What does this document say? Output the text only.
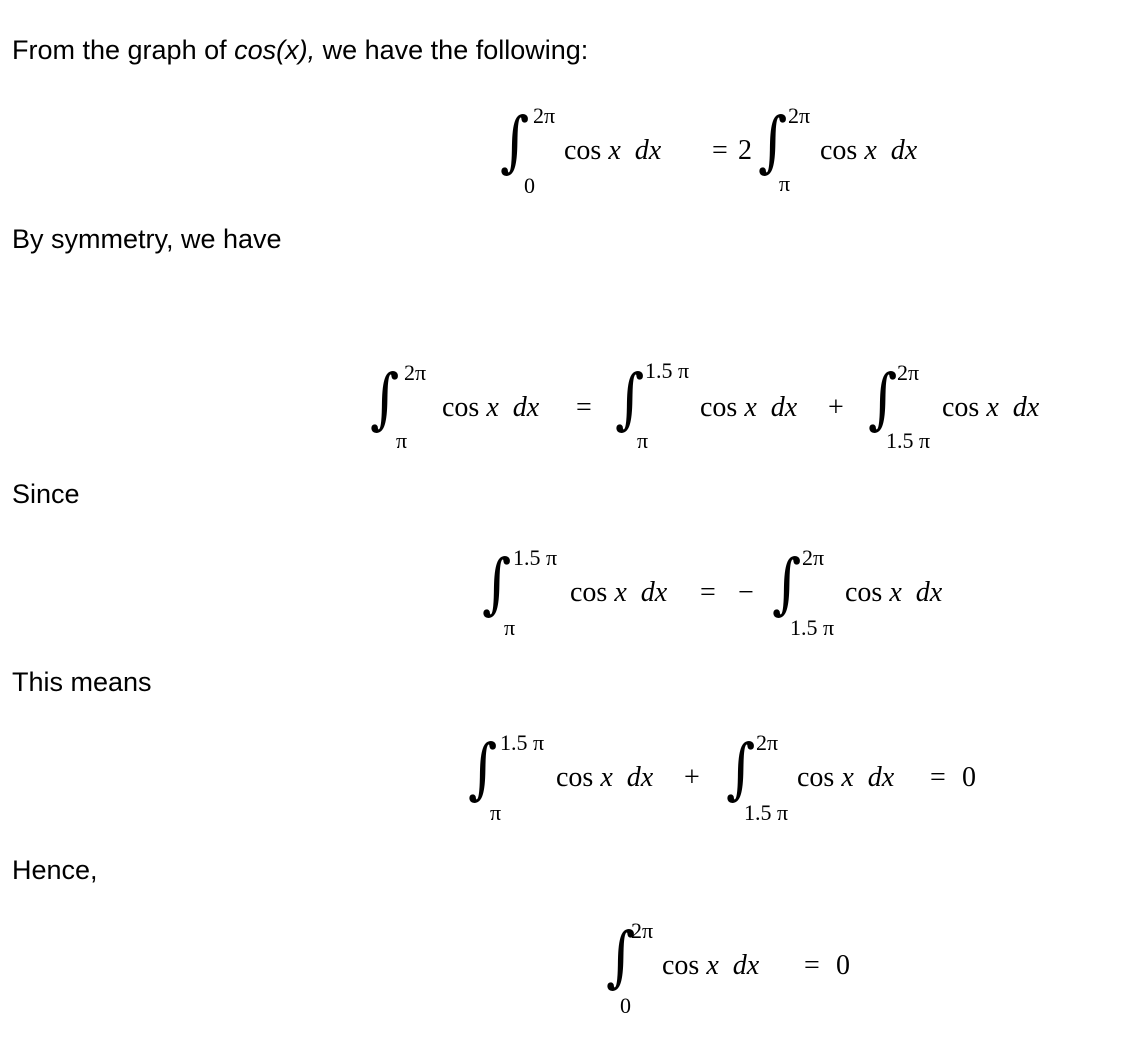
From the graph of cos(x), we have the following:
By symmetry, we have
Since
This means
Hence,
∫ 2π
0
cos x dx = 2 ∫ 2π
π
cos x dx
∫ 2π
π
cos x dx = ∫ 1.5 π
π
cos x dx + ∫ 2π
1.5 π
cos x dx
∫ 1.5 π
π
cos x dx = − ∫ 2π
1.5 π
cos x dx
∫ 1.5 π
π
cos x dx + ∫ 2π
1.5 π
cos x dx = 0
∫
2π
0
cos x dx = 0
